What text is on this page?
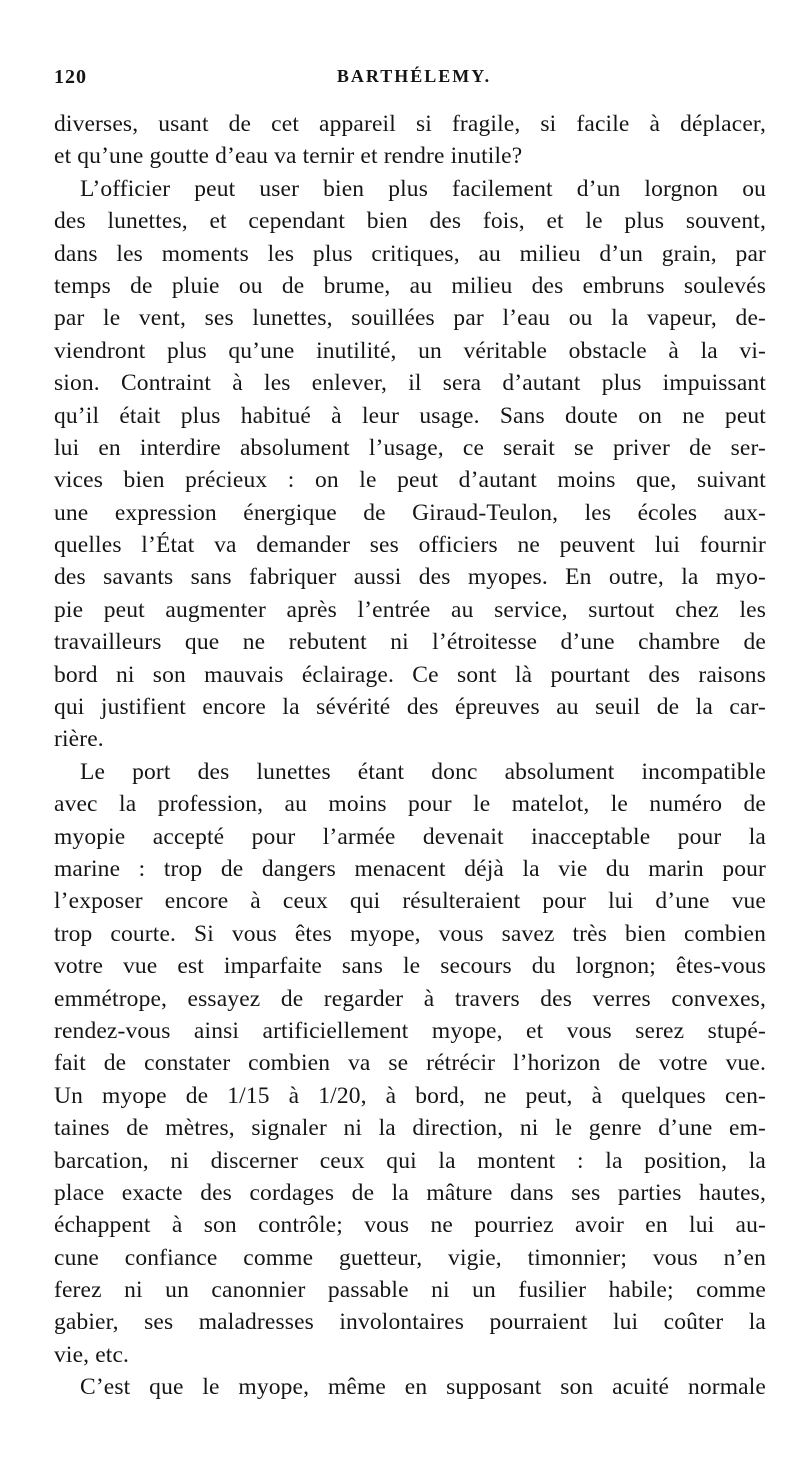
120	BARTHÉLEMY.
diverses, usant de cet appareil si fragile, si facile à déplacer,
et qu’une goutte d’eau va ternir et rendre inutile?
L’officier peut user bien plus facilement d’un lorgnon ou
des lunettes, et cependant bien des fois, et le plus souvent,
dans les moments les plus critiques, au milieu d’un grain, par
temps de pluie ou de brume, au milieu des embruns soulevés
par le vent, ses lunettes, souillées par l’eau ou la vapeur, de-
viendront plus qu’une inutilité, un véritable obstacle à la vi-
sion. Contraint à les enlever, il sera d’autant plus impuissant
qu’il était plus habitué à leur usage. Sans doute on ne peut
lui en interdire absolument l’usage, ce serait se priver de ser-
vices bien précieux : on le peut d’autant moins que, suivant
une expression énergique de Giraud-Teulon, les écoles aux-
quelles l’État va demander ses officiers ne peuvent lui fournir
des savants sans fabriquer aussi des myopes. En outre, la myo-
pie peut augmenter après l’entrée au service, surtout chez les
travailleurs que ne rebutent ni l’étroitesse d’une chambre de
bord ni son mauvais éclairage. Ce sont là pourtant des raisons
qui justifient encore la sévérité des épreuves au seuil de la car-
rière.
Le port des lunettes étant donc absolument incompatible
avec la profession, au moins pour le matelot, le numéro de
myopie accepté pour l’armée devenait inacceptable pour la
marine : trop de dangers menacent déjà la vie du marin pour
l’exposer encore à ceux qui résulteraient pour lui d’une vue
trop courte. Si vous êtes myope, vous savez très bien combien
votre vue est imparfaite sans le secours du lorgnon; êtes-vous
emmétrope, essayez de regarder à travers des verres convexes,
rendez-vous ainsi artificiellement myope, et vous serez stupé-
fait de constater combien va se rétrécir l’horizon de votre vue.
Un myope de 1/15 à 1/20, à bord, ne peut, à quelques cen-
taines de mètres, signaler ni la direction, ni le genre d’une em-
barcation, ni discerner ceux qui la montent : la position, la
place exacte des cordages de la mâture dans ses parties hautes,
échappent à son contrôle; vous ne pourriez avoir en lui au-
cune confiance comme guetteur, vigie, timonnier; vous n’en
ferez ni un canonnier passable ni un fusilier habile; comme
gabier, ses maladresses involontaires pourraient lui coûter la
vie, etc.
C’est que le myope, même en supposant son acuité normale
